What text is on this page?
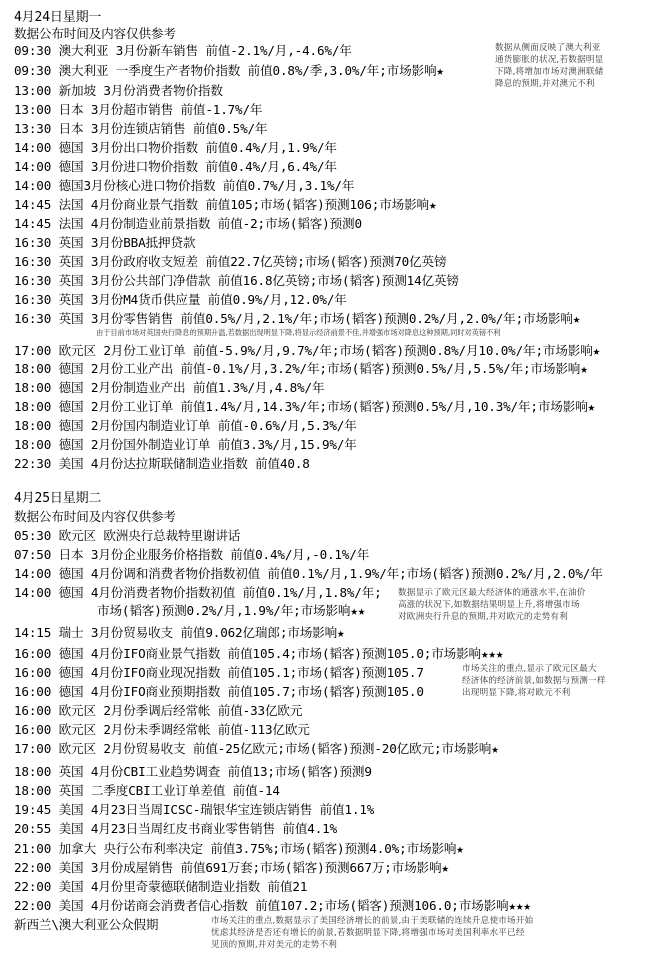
4月24日星期一
数据公布时间及内容仅供参考
09:30 澳大利亚 3月份新车销售 前值-2.1%/月,-4.6%/年
09:30 澳大利亚 一季度生产者物价指数 前值0.8%/季,3.0%/年;市场影响★
13:00 新加坡 3月份消费者物价指数
13:00 日本 3月份超市销售 前值-1.7%/年
13:30 日本 3月份连锁店销售 前值0.5%/年
14:00 德国 3月份出口物价指数 前值0.4%/月,1.9%/年
14:00 德国 3月份进口物价指数 前值0.4%/月,6.4%/年
14:00 德国3月份核心进口物价指数 前值0.7%/月,3.1%/年
14:45 法国 4月份商业景气指数 前值105;市场(韬客)预测106;市场影响★
14:45 法国 4月份制造业前景指数 前值-2;市场(韬客)预测0
16:30 英国 3月份BBA抵押贷款
16:30 英国 3月份政府收支短差 前值22.7亿英镑;市场(韬客)预测70亿英镑
16:30 英国 3月份公共部门净借款 前值16.8亿英镑;市场(韬客)预测14亿英镑
16:30 英国 3月份M4货币供应量 前值0.9%/月,12.0%/年
16:30 英国 3月份零售销售 前值0.5%/月,2.1%/年;市场(韬客)预测0.2%/月,2.0%/年;市场影响★
17:00 欧元区 2月份工业订单 前值-5.9%/月,9.7%/年;市场(韬客)预测0.8%/月10.0%/年;市场影响★
18:00 德国 2月份工业产出 前值-0.1%/月,3.2%/年;市场(韬客)预测0.5%/月,5.5%/年;市场影响★
18:00 德国 2月份制造业产出 前值1.3%/月,4.8%/年
18:00 德国 2月份工业订单 前值1.4%/月,14.3%/年;市场(韬客)预测0.5%/月,10.3%/年;市场影响★
18:00 德国 2月份国内制造业订单 前值-0.6%/月,5.3%/年
18:00 德国 2月份国外制造业订单 前值3.3%/月,15.9%/年
22:30 美国 4月份达拉斯联储制造业指数 前值40.8
数据从侧面反映了澳大利亚
通货膨胀的状况,若数据明显
下降,将增加市场对澳洲联储
降息的预期,并对澳元不利
由于目前市场对英国央行降息的预期升温,若数据出现明显下降,将显示经济前景不佳,并增强市场对降息这种预期,同时对英镑不利
4月25日星期二
数据公布时间及内容仅供参考
05:30 欧元区 欧洲央行总裁特里谢讲话
07:50 日本 3月份企业服务价格指数 前值0.4%/月,-0.1%/年
14:00 德国 4月份调和消费者物价指数初值 前值0.1%/月,1.9%/年;市场(韬客)预测0.2%/月,2.0%/年
14:00 德国 4月份消费者物价指数初值 前值0.1%/月,1.8%/年;
市场(韬客)预测0.2%/月,1.9%/年;市场影响★★
14:15 瑞士 3月份贸易收支 前值9.062亿瑞郎;市场影响★
16:00 德国 4月份IFO商业景气指数 前值105.4;市场(韬客)预测105.0;市场影响★★★
16:00 德国 4月份IFO商业现况指数 前值105.1;市场(韬客)预测105.7
16:00 德国 4月份IFO商业预期指数 前值105.7;市场(韬客)预测105.0
16:00 欧元区 2月份季调后经常帐 前值-33亿欧元
16:00 欧元区 2月份未季调经常帐 前值-113亿欧元
17:00 欧元区 2月份贸易收支 前值-25亿欧元;市场(韬客)预测-20亿欧元;市场影响★
18:00 英国 4月份CBI工业趋势调查 前值13;市场(韬客)预测9
18:00 英国 二季度CBI工业订单差值 前值-14
19:45 美国 4月23日当周ICSC-瑞银华宝连锁店销售 前值1.1%
20:55 美国 4月23日当周红皮书商业零售销售 前值4.1%
21:00 加拿大 央行公布利率决定 前值3.75%;市场(韬客)预测4.0%;市场影响★
22:00 美国 3月份成屋销售 前值691万套;市场(韬客)预测667万;市场影响★
22:00 美国 4月份里奇蒙德联储制造业指数 前值21
22:00 美国 4月份诺商会消费者信心指数 前值107.2;市场(韬客)预测106.0;市场影响★★★
新西兰\澳大利亚公众假期
数据显示了欧元区最大经济体的通涨水平,在油价
高涨的状况下,如数据结果明显上升,将增强市场
对欧洲央行升息的预期,并对欧元的走势有利
市场关注的重点,显示了欧元区最大
经济体的经济前景,如数据与预测一样
出现明显下降,将对欧元不利
市场关注的重点,数据显示了美国经济增长的前景,由于美联储的连续升息使市场开始
忧虑其经济是否还有增长的前景,若数据明显下降,将增强市场对美国利率水平已经
见顶的预期,并对美元的走势不利
